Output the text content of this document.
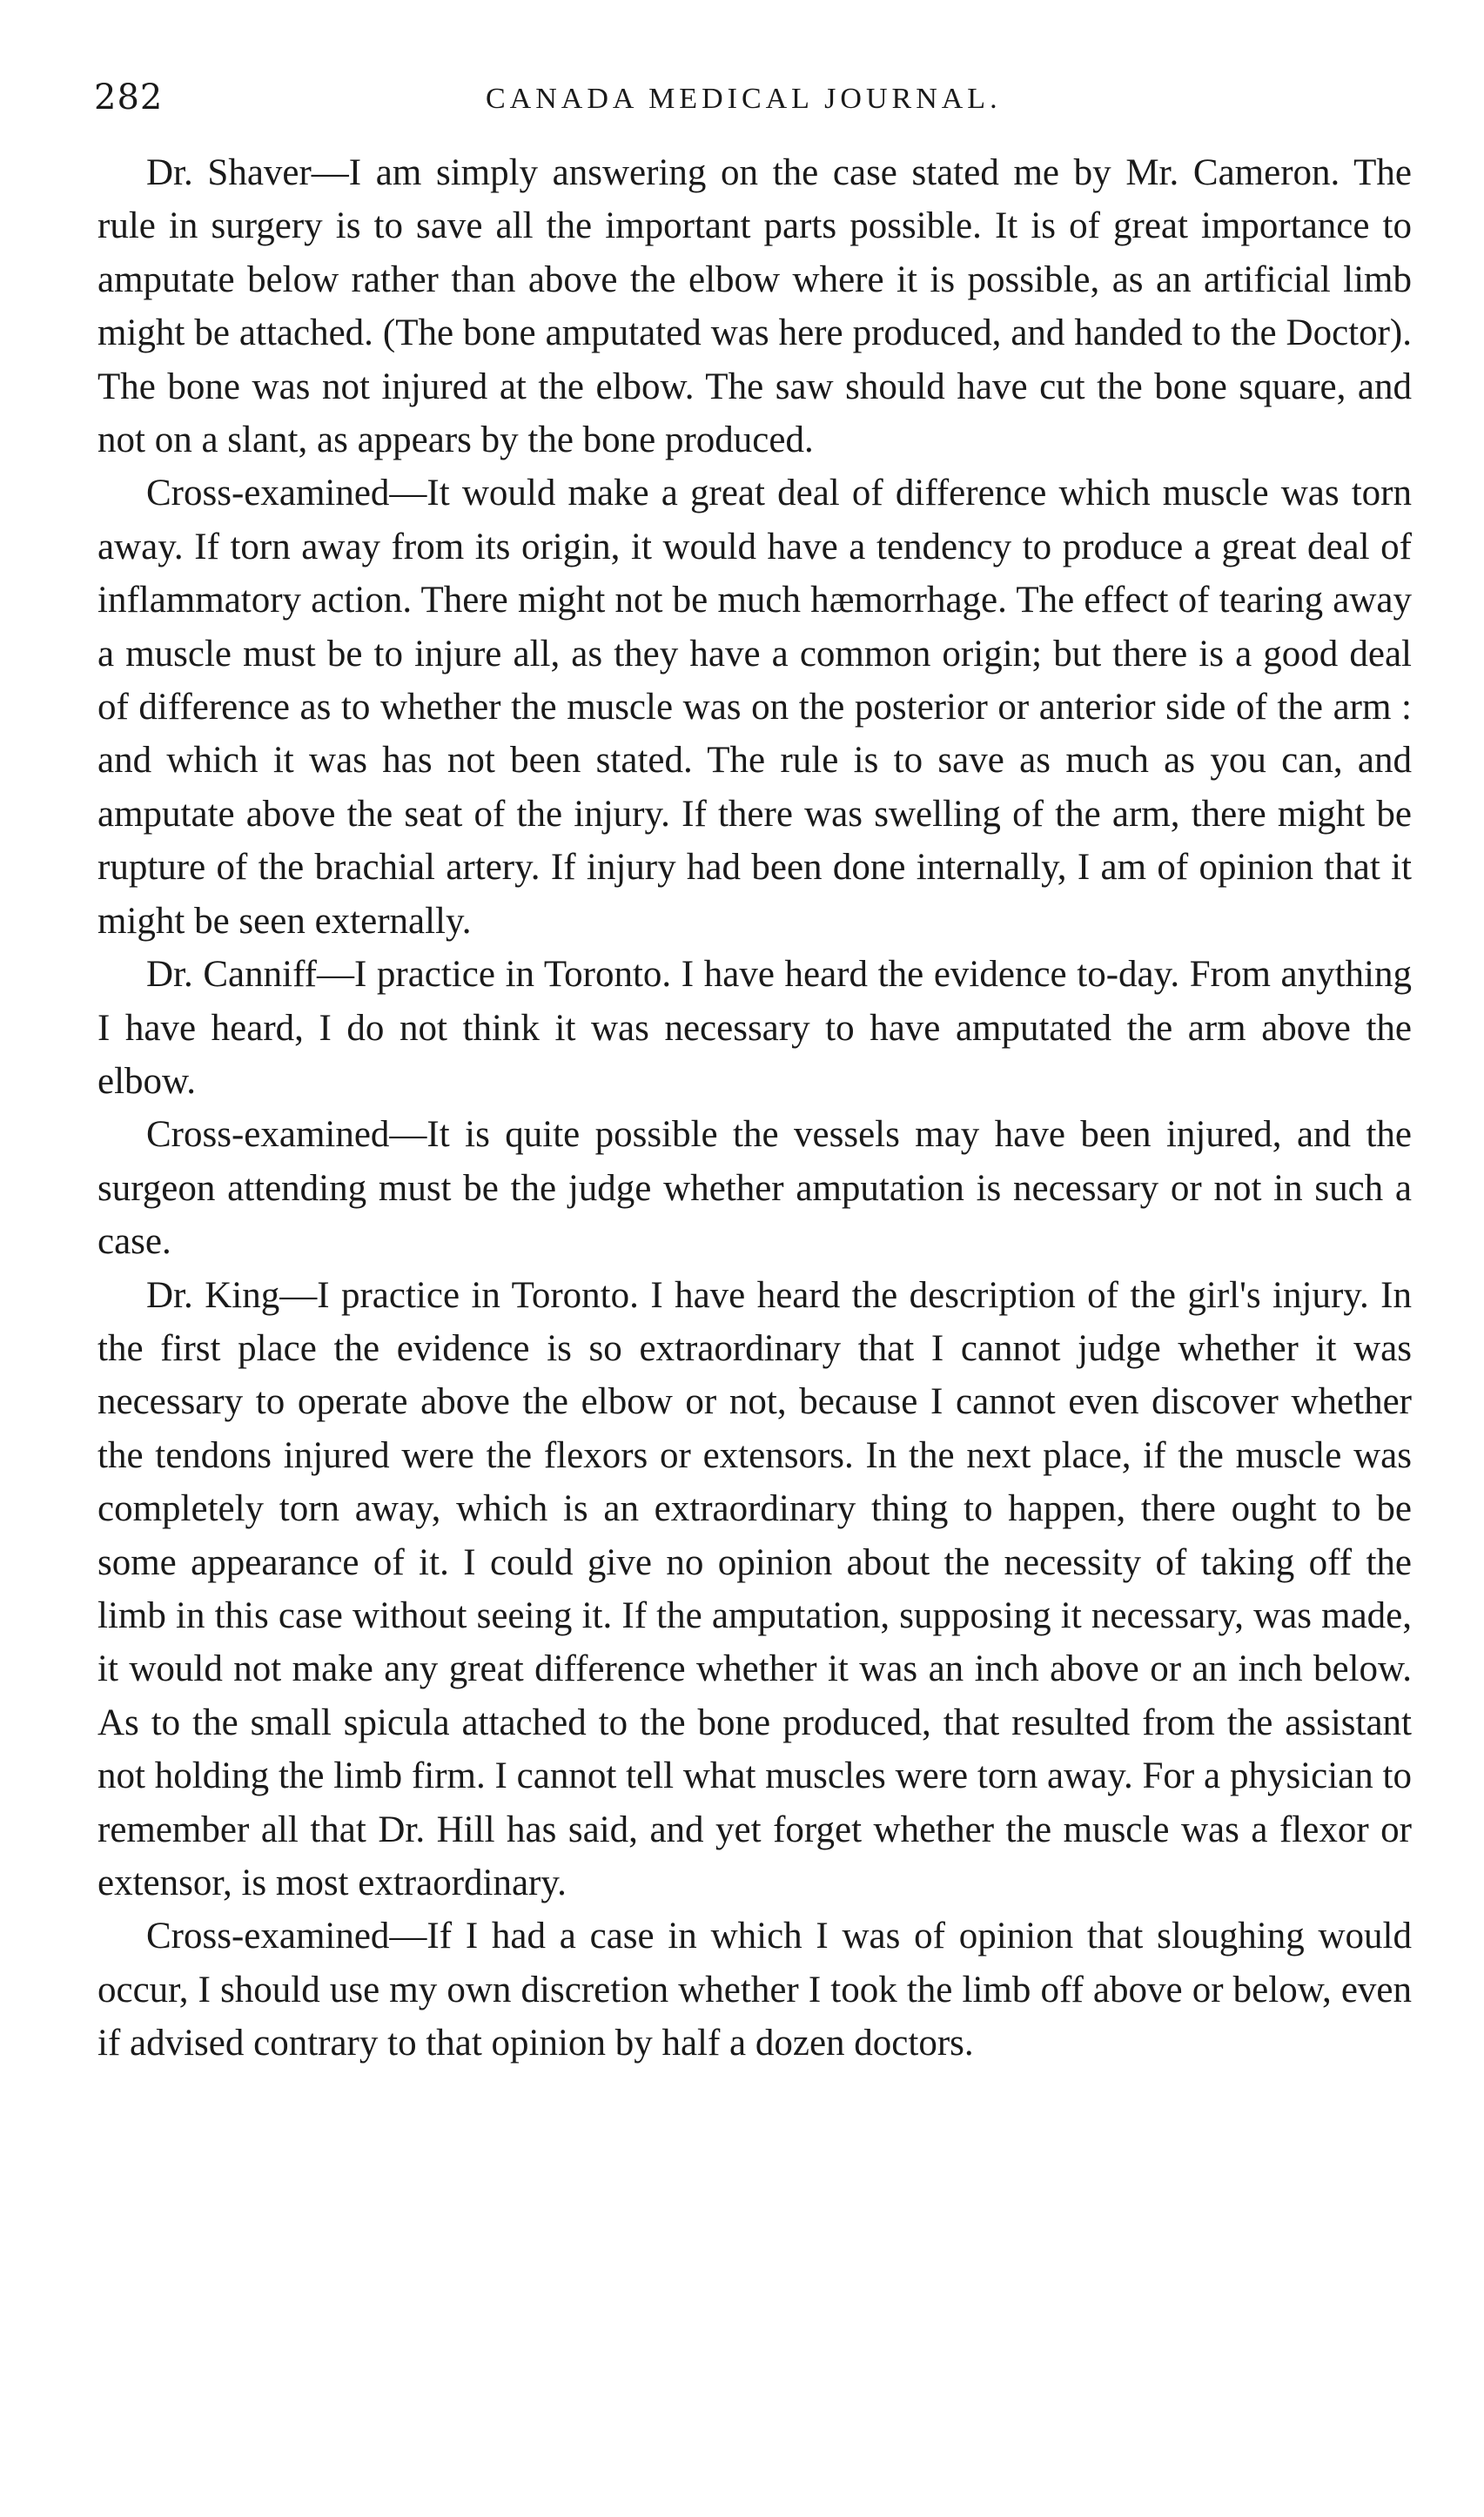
282	CANADA MEDICAL JOURNAL.

Dr. Shaver—I am simply answering on the case stated me by Mr. Cameron. The rule in surgery is to save all the important parts possible. It is of great importance to amputate below rather than above the elbow where it is possible, as an artificial limb might be attached. (The bone amputated was here produced, and handed to the Doctor). The bone was not injured at the elbow. The saw should have cut the bone square, and not on a slant, as appears by the bone produced.

Cross-examined—It would make a great deal of difference which muscle was torn away. If torn away from its origin, it would have a tendency to produce a great deal of inflammatory action. There might not be much hæmorrhage. The effect of tearing away a muscle must be to injure all, as they have a common origin; but there is a good deal of difference as to whether the muscle was on the posterior or anterior side of the arm : and which it was has not been stated. The rule is to save as much as you can, and amputate above the seat of the injury. If there was swelling of the arm, there might be rupture of the brachial artery. If injury had been done internally, I am of opinion that it might be seen externally.

Dr. Canniff—I practice in Toronto. I have heard the evidence to-day. From anything I have heard, I do not think it was necessary to have amputated the arm above the elbow.

Cross-examined—It is quite possible the vessels may have been injured, and the surgeon attending must be the judge whether amputation is necessary or not in such a case.

Dr. King—I practice in Toronto. I have heard the description of the girl's injury. In the first place the evidence is so extraordinary that I cannot judge whether it was necessary to operate above the elbow or not, because I cannot even discover whether the tendons injured were the flexors or extensors. In the next place, if the muscle was completely torn away, which is an extraordinary thing to happen, there ought to be some appearance of it. I could give no opinion about the necessity of taking off the limb in this case without seeing it. If the amputation, supposing it necessary, was made, it would not make any great difference whether it was an inch above or an inch below. As to the small spicula attached to the bone produced, that resulted from the assistant not holding the limb firm. I cannot tell what muscles were torn away. For a physician to remember all that Dr. Hill has said, and yet forget whether the muscle was a flexor or extensor, is most extraordinary.

Cross-examined—If I had a case in which I was of opinion that sloughing would occur, I should use my own discretion whether I took the limb off above or below, even if advised contrary to that opinion by half a dozen doctors.
